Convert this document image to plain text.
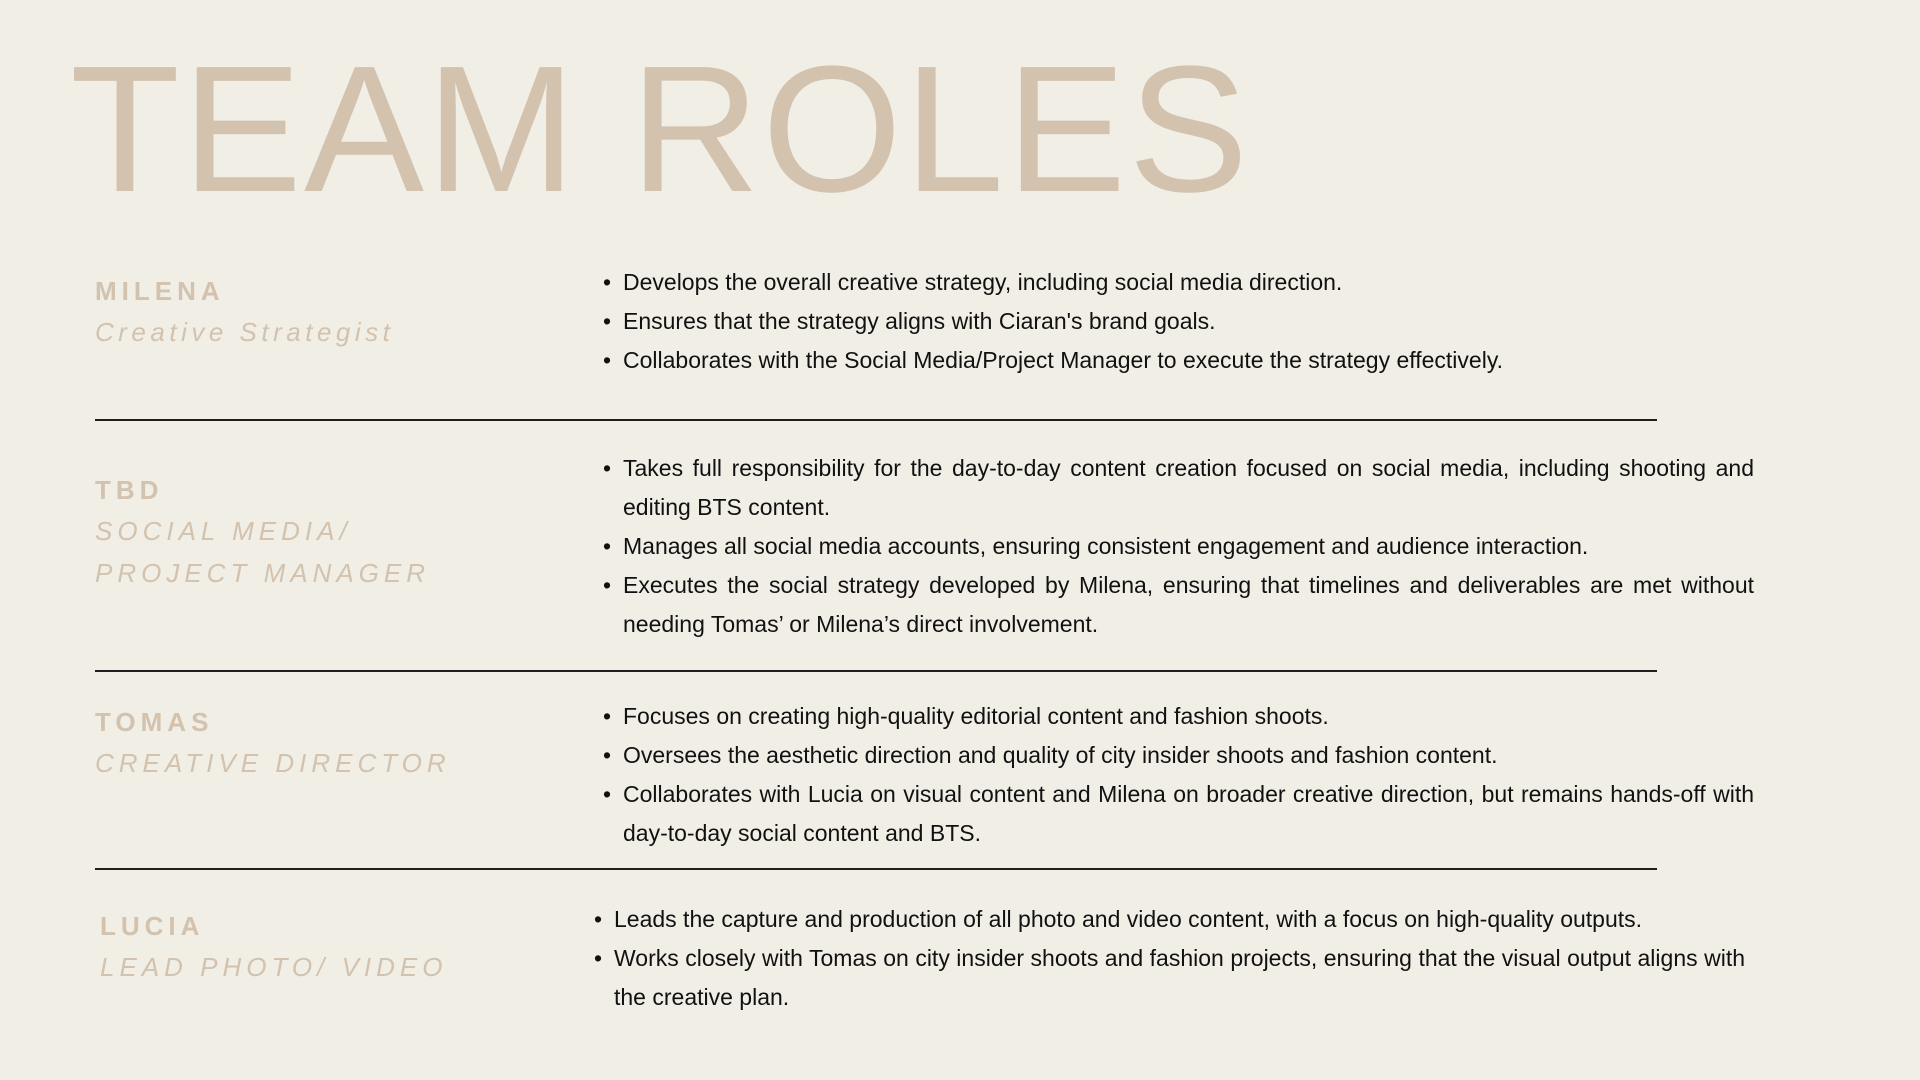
TEAM ROLES
MILENA
Creative Strategist
• Develops the overall creative strategy, including social media direction.
• Ensures that the strategy aligns with Ciaran's brand goals.
• Collaborates with the Social Media/Project Manager to execute the strategy effectively.
TBD
SOCIAL MEDIA/
PROJECT MANAGER
• Takes full responsibility for the day-to-day content creation focused on social media, including shooting and editing BTS content.
• Manages all social media accounts, ensuring consistent engagement and audience interaction.
• Executes the social strategy developed by Milena, ensuring that timelines and deliverables are met without needing Tomas’ or Milena’s direct involvement.
TOMAS
CREATIVE DIRECTOR
• Focuses on creating high-quality editorial content and fashion shoots.
• Oversees the aesthetic direction and quality of city insider shoots and fashion content.
• Collaborates with Lucia on visual content and Milena on broader creative direction, but remains hands-off with day-to-day social content and BTS.
LUCIA
LEAD PHOTO/ VIDEO
• Leads the capture and production of all photo and video content, with a focus on high-quality outputs.
• Works closely with Tomas on city insider shoots and fashion projects, ensuring that the visual output aligns with the creative plan.
